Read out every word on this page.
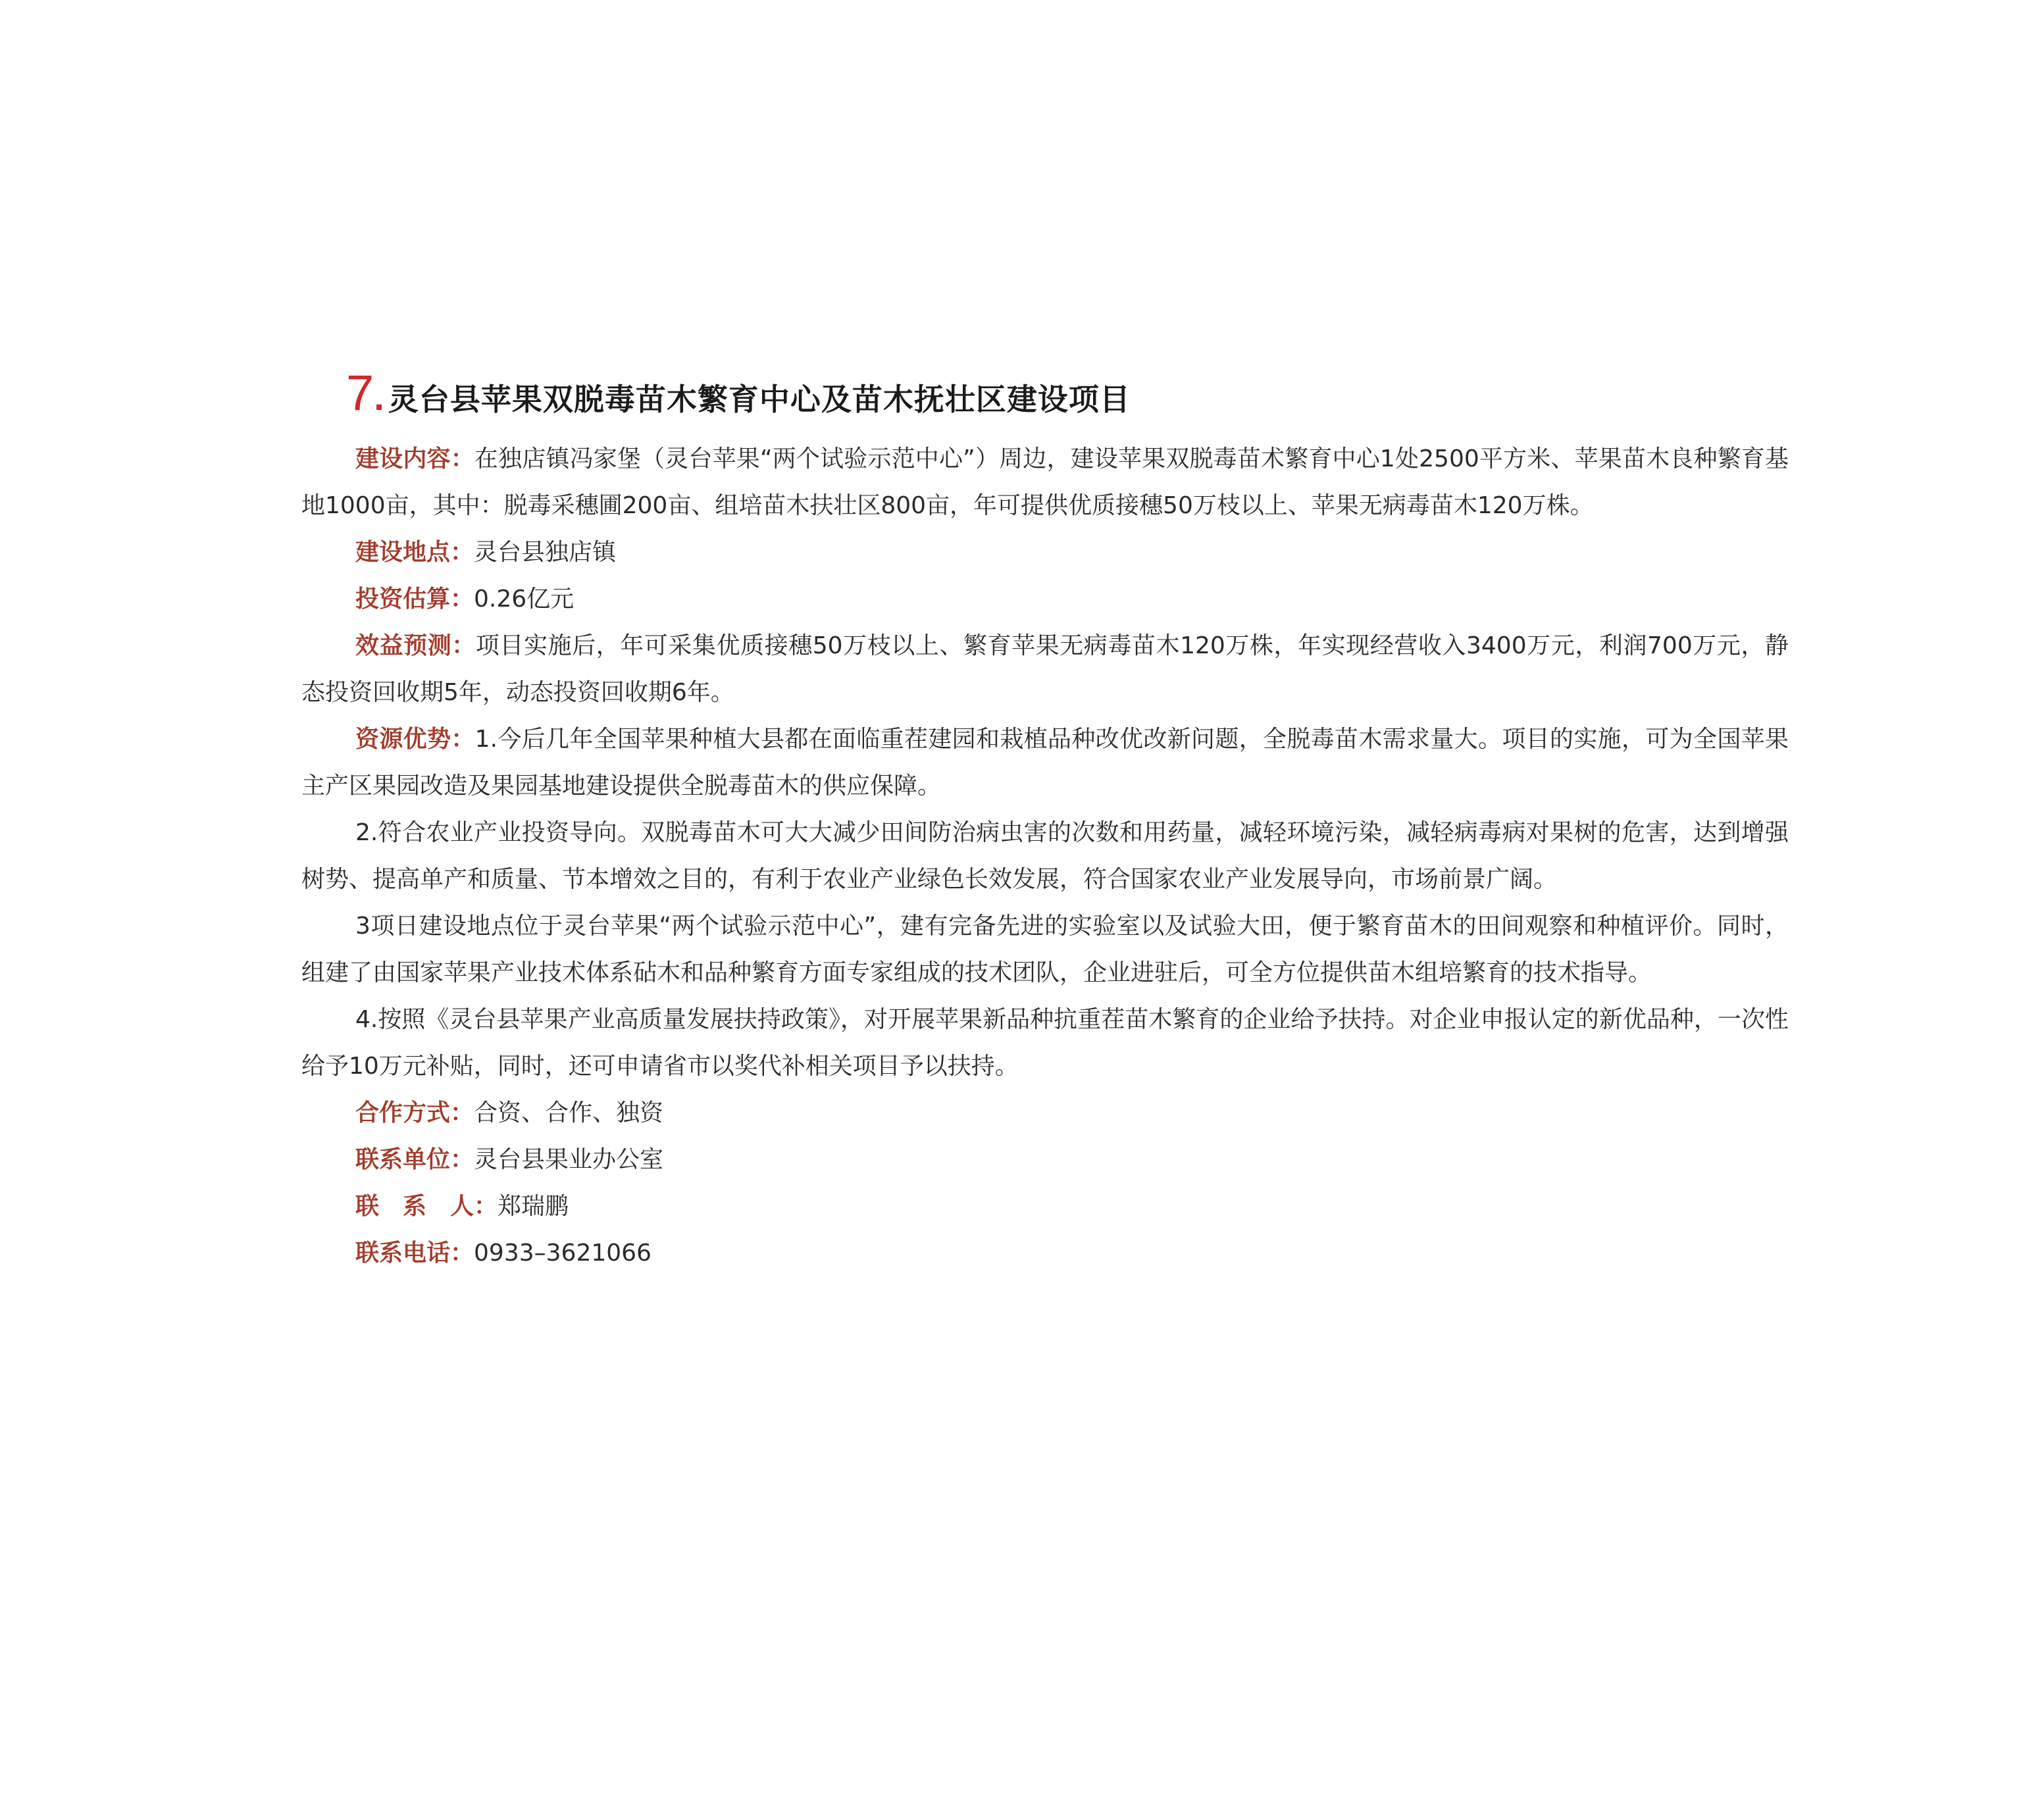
7 . 灵台县苹果双脱毒苗木繁育中心及苗木抚壮区建设项目

建设内容：在独店镇冯家堡（灵台苹果“两个试验示范中心”）周边，建设苹果双脱毒苗术繁育中心1处2500平方米、苹果苗木良种繁育基地1000亩，其中：脱毒采穗圃200亩、组培苗木扶壮区800亩，年可提供优质接穗50万枝以上、苹果无病毒苗木120万株。

建设地点：灵台县独店镇

投资估算：0.26亿元

效益预测：项目实施后，年可采集优质接穗50万枝以上、繁育苹果无病毒苗木120万株，年实现经营收入3400万元，利润700万元，静态投资回收期5年，动态投资回收期6年。

资源优势：1.今后几年全国苹果种植大县都在面临重茬建园和栽植品种改优改新问题，全脱毒苗木需求量大。项目的实施，可为全国苹果主产区果园改造及果园基地建设提供全脱毒苗木的供应保障。

2.符合农业产业投资导向。双脱毒苗木可大大减少田间防治病虫害的次数和用药量，减轻环境污染，减轻病毒病对果树的危害，达到增强树势、提高单产和质量、节本增效之目的，有利于农业产业绿色长效发展，符合国家农业产业发展导向，市场前景广阔。

3项日建设地点位于灵台苹果“两个试验示范中心”，建有完备先进的实验室以及试验大田，便于繁育苗木的田间观察和种植评价。同时，组建了由国家苹果产业技术体系砧木和品种繁育方面专家组成的技术团队，企业进驻后，可全方位提供苗木组培繁育的技术指导。

4.按照《灵台县苹果产业高质量发展扶持政策》，对开展苹果新品种抗重茬苗木繁育的企业给予扶持。对企业申报认定的新优品种，一次性给予10万元补贴，同时，还可申请省市以奖代补相关项目予以扶持。

合作方式：合资、合作、独资

联系单位：灵台县果业办公室

联　系　人：郑瑞鹏

联系电话：0933–3621066
